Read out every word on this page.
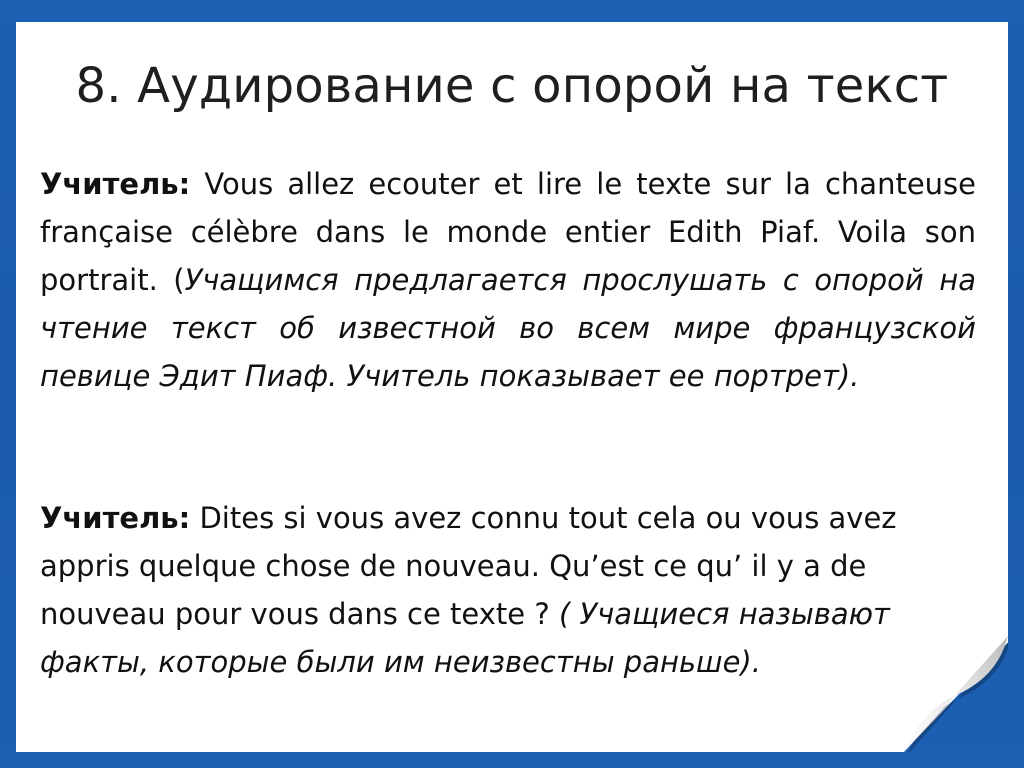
8. Аудирование с опорой на текст

Учитель: Vous allez ecouter et lire le texte sur la chanteuse française célèbre dans le monde entier Edith Piaf. Voila son portrait. (Учащимся предлагается прослушать с опорой на чтение текст об известной во всем мире французской певице Эдит Пиаф. Учитель показывает ее портрет).

Учитель: Dites si vous avez connu tout cela ou vous avez appris quelque chose de nouveau. Qu’est ce qu’ il y a de nouveau pour vous dans ce texte ? ( Учащиеся называют факты, которые были им неизвестны раньше).
